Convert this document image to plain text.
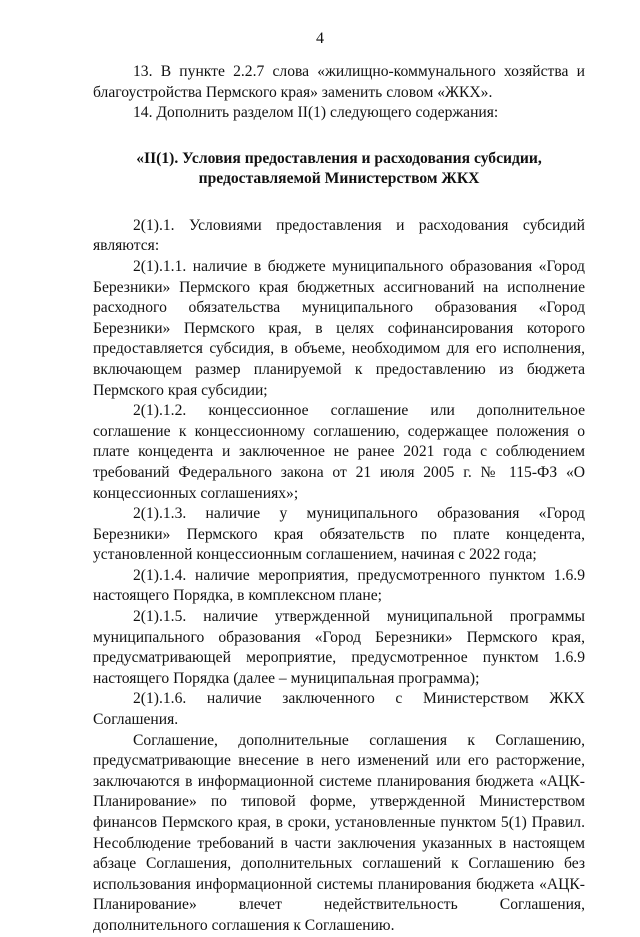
4

13. В пункте 2.2.7 слова «жилищно-коммунального хозяйства и благоустройства Пермского края» заменить словом «ЖКХ».

14. Дополнить разделом II(1) следующего содержания:

«II(1). Условия предоставления и расходования субсидии,
предоставляемой Министерством ЖКХ

2(1).1. Условиями предоставления и расходования субсидий являются:

2(1).1.1. наличие в бюджете муниципального образования «Город Березники» Пермского края бюджетных ассигнований на исполнение расходного обязательства муниципального образования «Город Березники» Пермского края, в целях софинансирования которого предоставляется субсидия, в объеме, необходимом для его исполнения, включающем размер планируемой к предоставлению из бюджета Пермского края субсидии;

2(1).1.2. концессионное соглашение или дополнительное соглашение к концессионному соглашению, содержащее положения о плате концедента и заключенное не ранее 2021 года с соблюдением требований Федерального закона от 21 июля 2005 г. № 115-ФЗ «О концессионных соглашениях»;

2(1).1.3. наличие у муниципального образования «Город Березники» Пермского края обязательств по плате концедента, установленной концессионным соглашением, начиная с 2022 года;

2(1).1.4. наличие мероприятия, предусмотренного пунктом 1.6.9 настоящего Порядка, в комплексном плане;

2(1).1.5. наличие утвержденной муниципальной программы муниципального образования «Город Березники» Пермского края, предусматривающей мероприятие, предусмотренное пунктом 1.6.9 настоящего Порядка (далее – муниципальная программа);

2(1).1.6. наличие заключенного с Министерством ЖКХ Соглашения.

Соглашение, дополнительные соглашения к Соглашению, предусматривающие внесение в него изменений или его расторжение, заключаются в информационной системе планирования бюджета «АЦК-Планирование» по типовой форме, утвержденной Министерством финансов Пермского края, в сроки, установленные пунктом 5(1) Правил. Несоблюдение требований в части заключения указанных в настоящем абзаце Соглашения, дополнительных соглашений к Соглашению без использования информационной системы планирования бюджета «АЦК-Планирование» влечет недействительность Соглашения, дополнительного соглашения к Соглашению.
